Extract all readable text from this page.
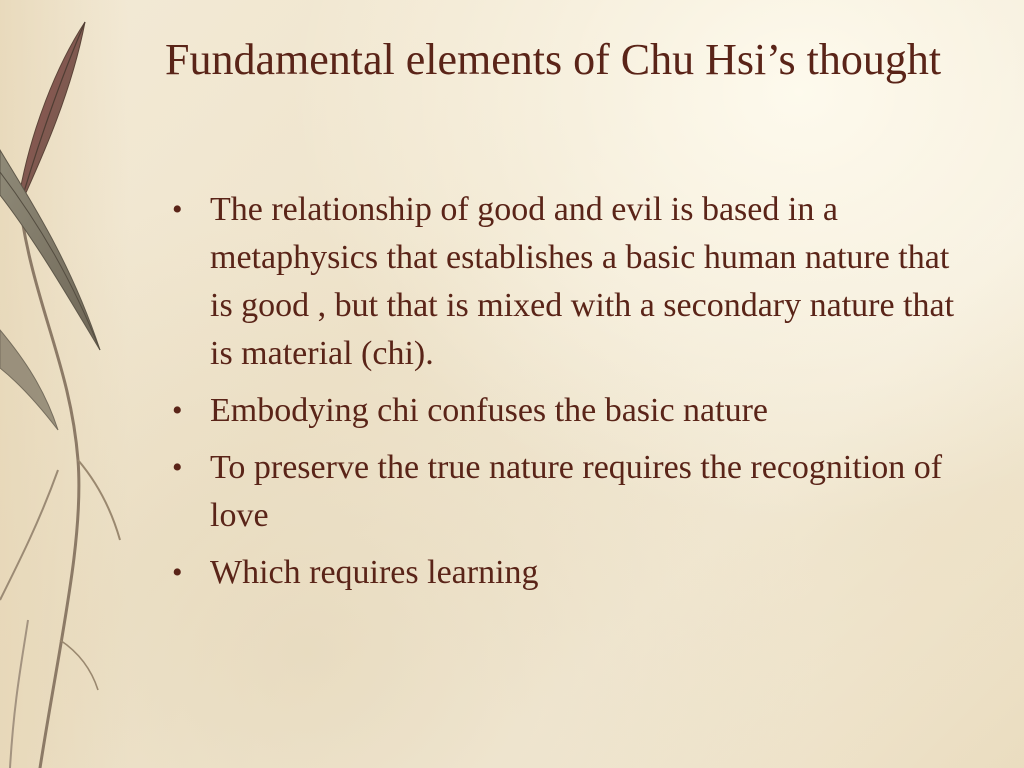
Fundamental elements of Chu Hsi’s thought
• The relationship of good and evil is based in a metaphysics that establishes a basic human nature that is good , but that is mixed with a secondary nature that is material (chi).
• Embodying chi confuses the basic nature
• To preserve the true nature requires the recognition of love
• Which requires learning
